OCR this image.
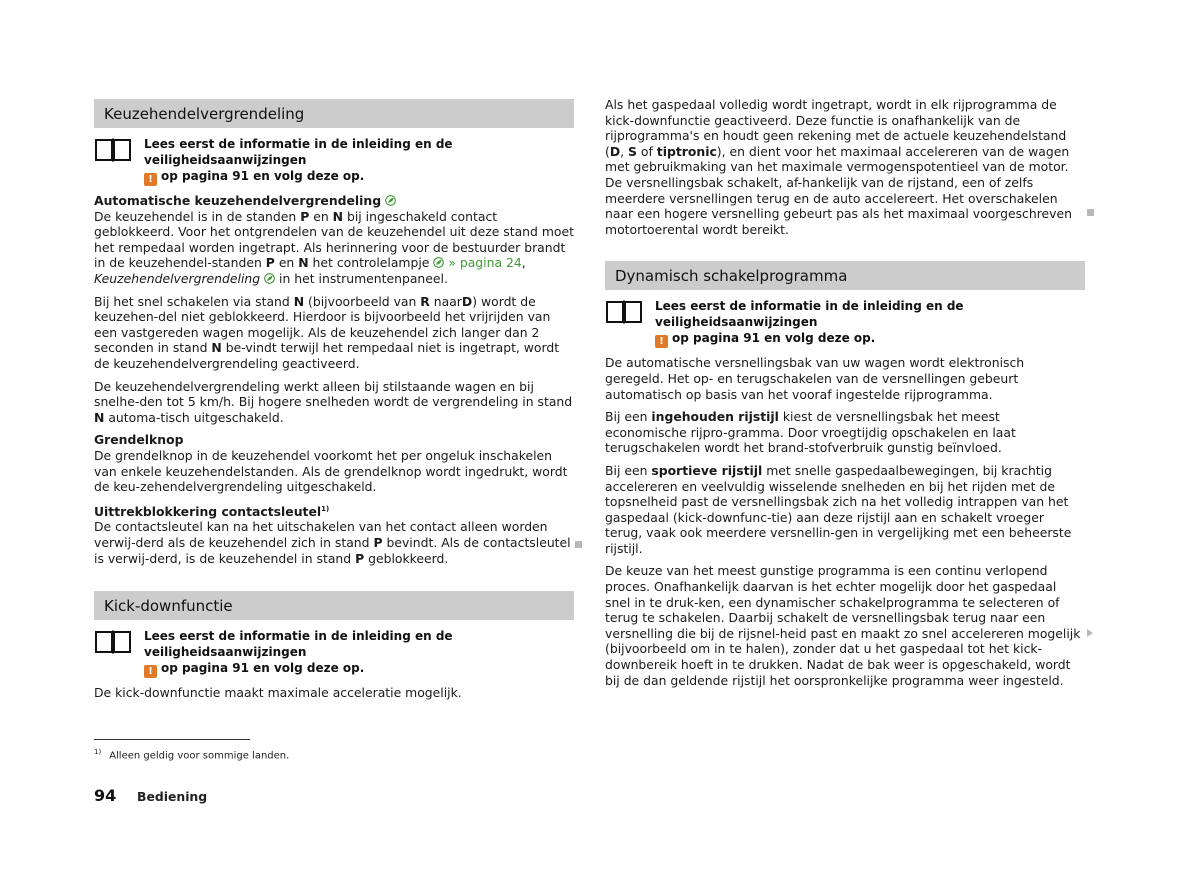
Keuzehendelvergrendeling
Lees eerst de informatie in de inleiding en de veiligheidsaanwijzingen
! op pagina 91 en volg deze op.

Automatische keuzehendelvergrendeling

De keuzehendel is in de standen P en N bij ingeschakeld contact geblokkeerd. Voor het ontgrendelen van de keuzehendel uit deze stand moet het rempedaal worden ingetrapt. Als herinnering voor de bestuurder brandt in de keuzehendel-standen P en N het controlelampje  » pagina 24, Keuzehendelvergrendeling  in het instrumentenpaneel.

Bij het snel schakelen via stand N (bijvoorbeeld van R naarD) wordt de keuzehen-del niet geblokkeerd. Hierdoor is bijvoorbeeld het vrijrijden van een vastgereden wagen mogelijk. Als de keuzehendel zich langer dan 2 seconden in stand N be-vindt terwijl het rempedaal niet is ingetrapt, wordt de keuzehendelvergrendeling geactiveerd.

De keuzehendelvergrendeling werkt alleen bij stilstaande wagen en bij snelhe-den tot 5 km/h. Bij hogere snelheden wordt de vergrendeling in stand N automa-tisch uitgeschakeld.

Grendelknop

De grendelknop in de keuzehendel voorkomt het per ongeluk inschakelen van enkele keuzehendelstanden. Als de grendelknop wordt ingedrukt, wordt de keu-zehendelvergrendeling uitgeschakeld.

Uittrekblokkering contactsleutel$^{1)}$

De contactsleutel kan na het uitschakelen van het contact alleen worden verwij-derd als de keuzehendel zich in stand P bevindt. Als de contactsleutel is verwij-derd, is de keuzehendel in stand P geblokkeerd.

Kick-downfunctie
Lees eerst de informatie in de inleiding en de veiligheidsaanwijzingen
! op pagina 91 en volg deze op.

De kick-downfunctie maakt maximale acceleratie mogelijk.

Als het gaspedaal volledig wordt ingetrapt, wordt in elk rijprogramma de kick-downfunctie geactiveerd. Deze functie is onafhankelijk van de rijprogramma's en houdt geen rekening met de actuele keuzehendelstand (D, S of tiptronic), en dient voor het maximaal accelereren van de wagen met gebruikmaking van het maximale vermogenspotentieel van de motor. De versnellingsbak schakelt, af-hankelijk van de rijstand, een of zelfs meerdere versnellingen terug en de auto accelereert. Het overschakelen naar een hogere versnelling gebeurt pas als het maximaal voorgeschreven motortoerental wordt bereikt.

Dynamisch schakelprogramma
Lees eerst de informatie in de inleiding en de veiligheidsaanwijzingen
! op pagina 91 en volg deze op.

De automatische versnellingsbak van uw wagen wordt elektronisch geregeld. Het op- en terugschakelen van de versnellingen gebeurt automatisch op basis van het vooraf ingestelde rijprogramma.

Bij een ingehouden rijstijl kiest de versnellingsbak het meest economische rijpro-gramma. Door vroegtijdig opschakelen en laat terugschakelen wordt het brand-stofverbruik gunstig beïnvloed.

Bij een sportieve rijstijl met snelle gaspedaalbewegingen, bij krachtig accelereren en veelvuldig wisselende snelheden en bij het rijden met de topsnelheid past de versnellingsbak zich na het volledig intrappen van het gaspedaal (kick-downfunc-tie) aan deze rijstijl aan en schakelt vroeger terug, vaak ook meerdere versnellin-gen in vergelijking met een beheerste rijstijl.

De keuze van het meest gunstige programma is een continu verlopend proces. Onafhankelijk daarvan is het echter mogelijk door het gaspedaal snel in te druk-ken, een dynamischer schakelprogramma te selecteren of terug te schakelen. Daarbij schakelt de versnellingsbak terug naar een versnelling die bij de rijsnel-heid past en maakt zo snel accelereren mogelijk (bijvoorbeeld om in te halen), zonder dat u het gaspedaal tot het kick-downbereik hoeft in te drukken. Nadat de bak weer is opgeschakeld, wordt bij de dan geldende rijstijl het oorspronkelijke programma weer ingesteld.

$^{1)}$ Alleen geldig voor sommige landen.
94 Bediening
